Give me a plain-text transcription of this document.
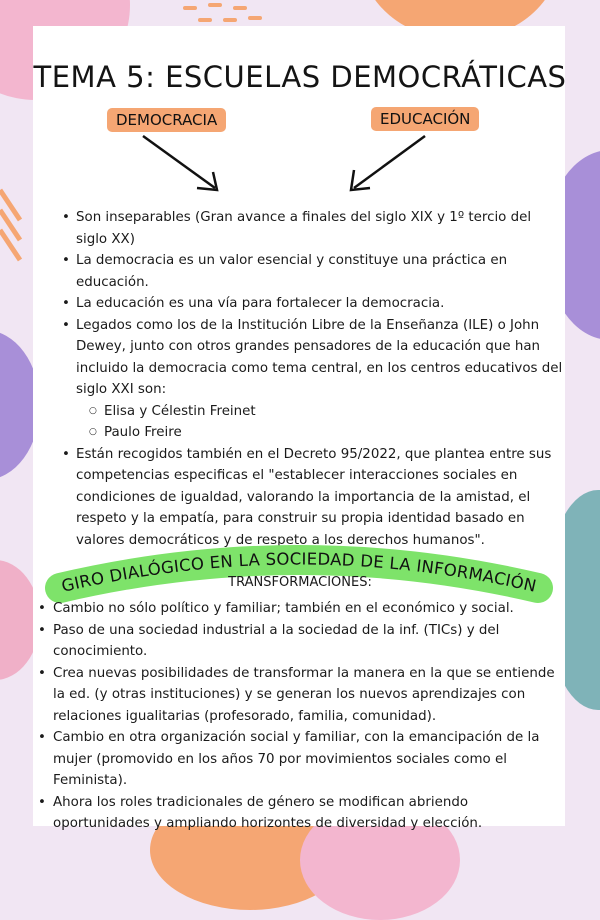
TEMA 5: ESCUELAS DEMOCRÁTICAS
DEMOCRACIA	EDUCACIÓN
• Son inseparables (Gran avance a finales del siglo XIX y 1º tercio del siglo XX)
• La democracia es un valor esencial y constituye una práctica en educación.
• La educación es una vía para fortalecer la democracia.
• Legados como los de la Institución Libre de la Enseñanza (ILE) o John Dewey, junto con otros grandes pensadores de la educación que han incluido la democracia como tema central, en los centros educativos del siglo XXI son:
○ Elisa y Célestin Freinet
○ Paulo Freire
• Están recogidos también en el Decreto 95/2022, que plantea entre sus competencias especificas el "establecer interacciones sociales en condiciones de igualdad, valorando la importancia de la amistad, el respeto y la empatía, para construir su propia identidad basado en valores democráticos y de respeto a los derechos humanos".
GIRO DIALÓGICO EN LA SOCIEDAD DE LA INFORMACIÓN
TRANSFORMACIONES:
• Cambio no sólo político y familiar; también en el económico y social.
• Paso de una sociedad industrial a la sociedad de la inf. (TICs) y del conocimiento.
• Crea nuevas posibilidades de transformar la manera en la que se entiende la ed. (y otras instituciones) y se generan los nuevos aprendizajes con relaciones igualitarias (profesorado, familia, comunidad).
• Cambio en otra organización social y familiar, con la emancipación de la mujer (promovido en los años 70 por movimientos sociales como el Feminista).
• Ahora los roles tradicionales de género se modifican abriendo oportunidades y ampliando horizontes de diversidad y elección.
